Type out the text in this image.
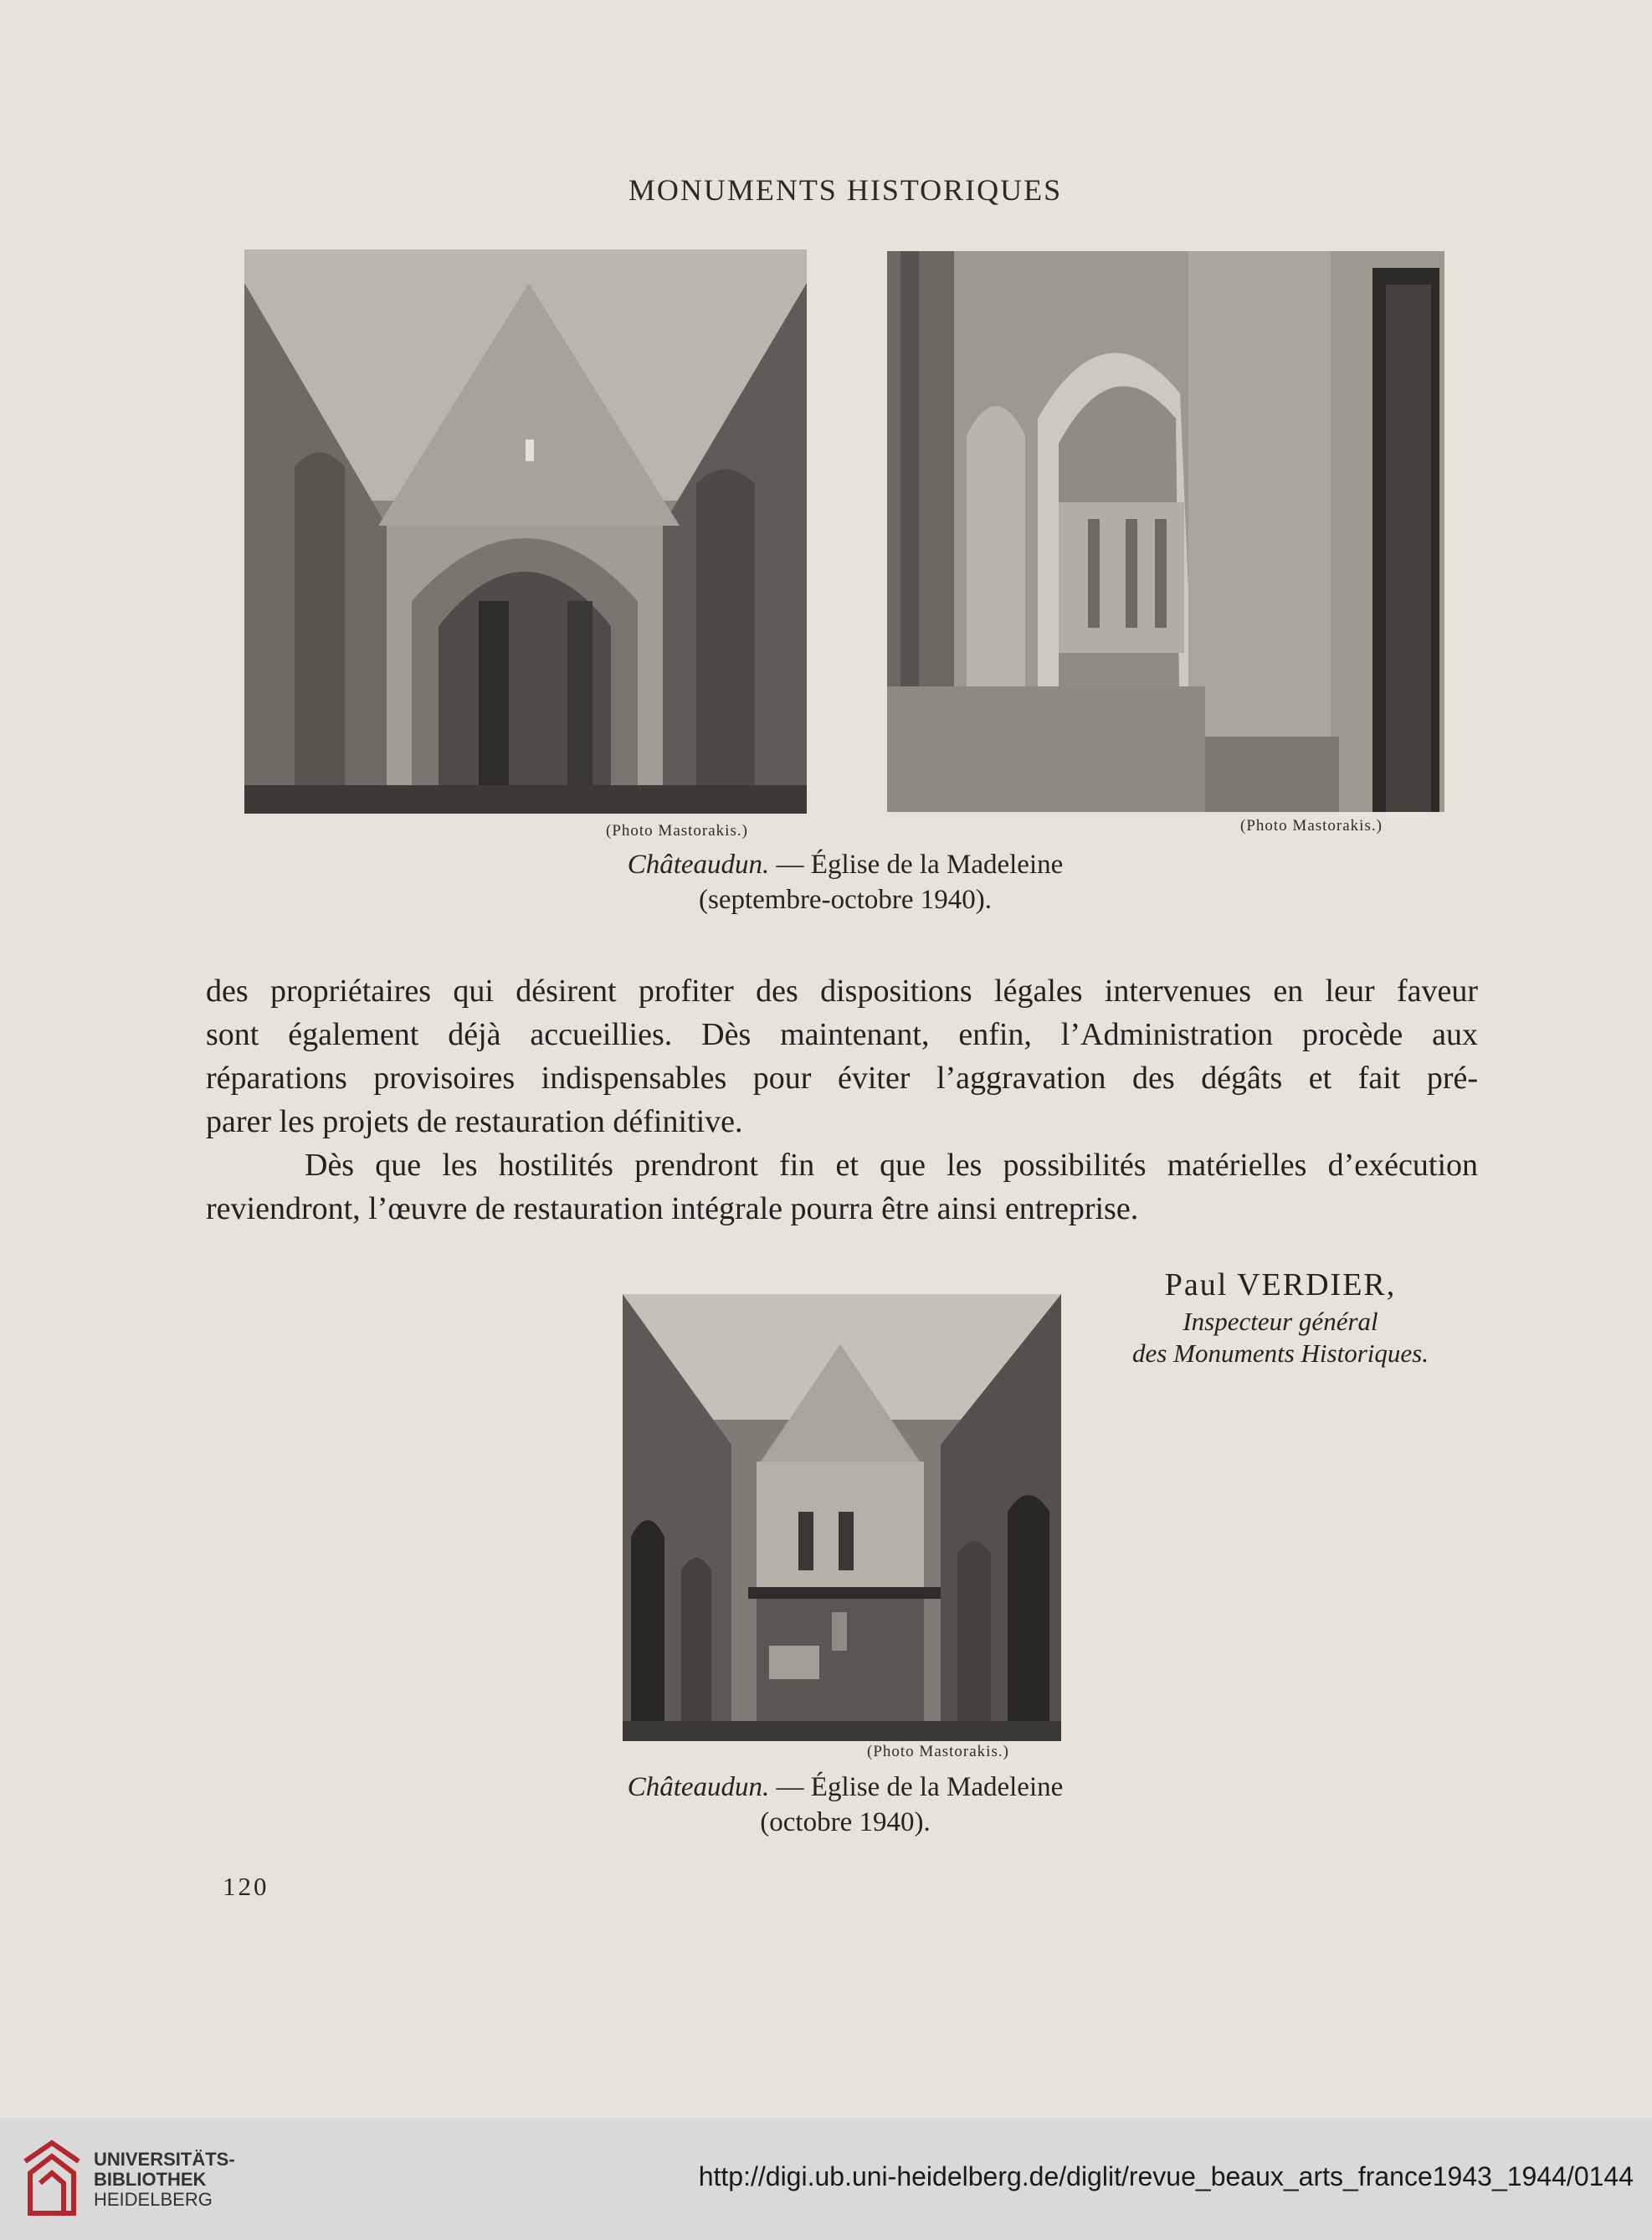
MONUMENTS HISTORIQUES
(Photo Mastorakis.)	(Photo Mastorakis.)
Châteaudun. — Église de la Madeleine
(septembre-octobre 1940).

des propriétaires qui désirent profiter des dispositions légales intervenues en leur faveur
sont également déjà accueillies. Dès maintenant, enfin, l’Administration procède aux
réparations provisoires indispensables pour éviter l’aggravation des dégâts et fait pré-
parer les projets de restauration définitive.

Dès que les hostilités prendront fin et que les possibilités matérielles d’exécution
reviendront, l’œuvre de restauration intégrale pourra être ainsi entreprise.

Paul VERDIER,
Inspecteur général
des Monuments Historiques.
(Photo Mastorakis.)
Châteaudun. — Église de la Madeleine
(octobre 1940).
120
UNIVERSITÄTS-
BIBLIOTHEK
HEIDELBERG
http://digi.ub.uni-heidelberg.de/diglit/revue_beaux_arts_france1943_1944/0144
